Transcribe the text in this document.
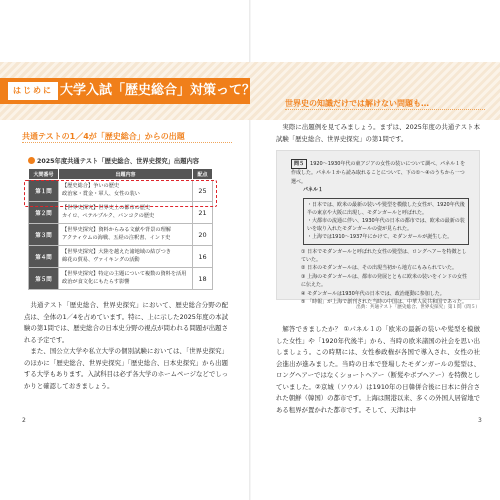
はじめに 大学入試「歴史総合」対策って？
共通テストの1／4が「歴史総合」からの出題
2025年度共通テスト「歴史総合、世界史探究」出題内容
大問番号	出題内容	配点
第１問	【歴史総合】争いの歴史
政治家・賞金・軍人、女性の装い	25
第２問	【世界史探究】世界史上の都市の歴史
カイロ、ペテルブルク、バンコクの歴史	21
第３問	【世界史探究】資料からみる文献や背景の理解
アクティウムの海戦、五経の注釈書、インド史	20
第４問	【世界史探究】大陸を越えた諸地域の結びつき
綿花の貿易、ヴァイキングの活動	16
第５問	【世界史探究】特定の主題について複数の資料を活用
政治が食文化にもたらす影響	18

共通テスト「歴史総合、世界史探究」において、歴史総合分野の配点は、全体の1／4を占めています。特に、上に示した2025年度の本試験の第1問では、歴史総合の日本史分野の視点が問われる問題が出題される予定です。

また、国公立大学や私立大学の個別試験においては、「世界史探究」のほかに「歴史総合、世界史探究」「歴史総合、日本史探究」から出題する大学もあります。入試科目は必ず各大学のホームページなどでしっかりと確認しておきましょう。

2
世界史の知識だけでは解けない問題も…

実際に出題例を見てみましょう。まずは、2025年度の共通テスト本試験「歴史総合、世界史探究」の第1問です。

問５ 1920〜1930年代の東アジアの女性の装いについて調べ、パネル１を作成した。パネル１から読み取れることについて、下の①〜④のうちから一つ選べ。
パネル１
・日本では、欧米の最新の装いや髪型を模倣した女性が、1920年代後半の東京や大阪に出現し、モダンガールと呼ばれた。
・大都市の流通に伴い、1930年代の日本の都市では、欧米の最新の装いを取り入れたモダンガールの姿が見られた。
・上海では1910〜1937年にかけて、モダンガールが誕生した。
① 日本でモダンガールと呼ばれた女性の髪型は、ロングヘアーを特徴としていた。
② 日本のモダンガールは、その出現当初から地方にもみられていた。
③ 上海のモダンガールは、都市の発展とともに欧米の装いをインドの女性に伝えた。
④ モダンガールは1930年代の日本では、政治運動に参加した。
⑤ 「時報」が上海で創刊された当時の中国は、中華人民共和国であった。
出典：共通テスト「歴史総合、世界史探究」第１問（問５）

解答できましたか？ ①パネル１の「欧米の最新の装いや髪型を模倣した女性」や「1920年代後半」から、当時の欧米諸国の社会を思い出しましょう。この時期には、女性参政権が各国で導入され、女性の社会進出が進みました。当時の日本で登場したモダンガールの髪型は、ロングヘアーではなくショートヘアー（断髪やボブヘアー）を特徴としていました。②京城（ソウル）は1910年の日韓併合後に日本に併合された朝鮮（韓国）の都市です。上海は開港以来、多くの外国人居留地である租界が置かれた都市です。そして、天津は中

3
